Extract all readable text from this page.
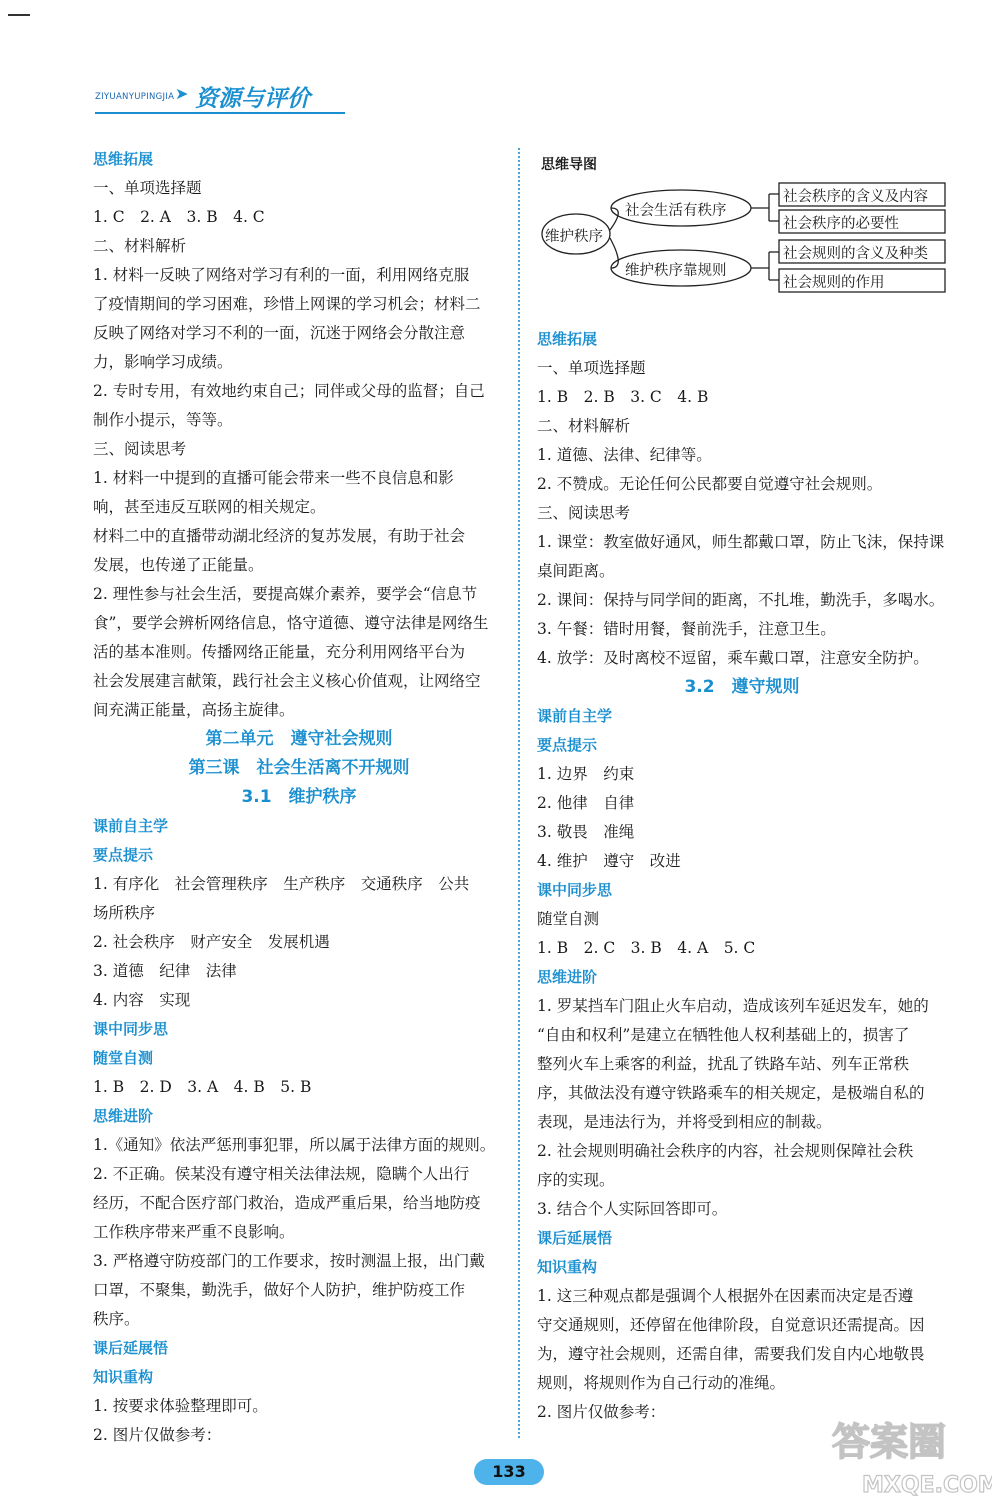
ZIYUANYUPINGJIA ➤ 资源与评价
思维拓展
一、单项选择题
1. C　2. A　3. B　4. C
二、材料解析
1. 材料一反映了网络对学习有利的一面，利用网络克服
了疫情期间的学习困难，珍惜上网课的学习机会；材料二
反映了网络对学习不利的一面，沉迷于网络会分散注意
力，影响学习成绩。
2. 专时专用，有效地约束自己；同伴或父母的监督；自己
制作小提示，等等。
三、阅读思考
1. 材料一中提到的直播可能会带来一些不良信息和影
响，甚至违反互联网的相关规定。
材料二中的直播带动湖北经济的复苏发展，有助于社会
发展，也传递了正能量。
2. 理性参与社会生活，要提高媒介素养，要学会“信息节
食”，要学会辨析网络信息，恪守道德、遵守法律是网络生
活的基本准则。传播网络正能量，充分利用网络平台为
社会发展建言献策，践行社会主义核心价值观，让网络空
间充满正能量，高扬主旋律。
第二单元　遵守社会规则
第三课　社会生活离不开规则
3.1　维护秩序
课前自主学
要点提示
1. 有序化　社会管理秩序　生产秩序　交通秩序　公共
场所秩序
2. 社会秩序　财产安全　发展机遇
3. 道德　纪律　法律
4. 内容　实现
课中同步思
随堂自测
1. B　2. D　3. A　4. B　5. B
思维进阶
1.《通知》依法严惩刑事犯罪，所以属于法律方面的规则。
2. 不正确。侯某没有遵守相关法律法规，隐瞒个人出行
经历，不配合医疗部门救治，造成严重后果，给当地防疫
工作秩序带来严重不良影响。
3. 严格遵守防疫部门的工作要求，按时测温上报，出门戴
口罩，不聚集，勤洗手，做好个人防护，维护防疫工作
秩序。
课后延展悟
知识重构
1. 按要求体验整理即可。
2. 图片仅做参考：
思维导图
维护秩序
社会生活有秩序
维护秩序靠规则
社会秩序的含义及内容
社会秩序的必要性
社会规则的含义及种类
社会规则的作用
思维拓展
一、单项选择题
1. B　2. B　3. C　4. B
二、材料解析
1. 道德、法律、纪律等。
2. 不赞成。无论任何公民都要自觉遵守社会规则。
三、阅读思考
1. 课堂：教室做好通风，师生都戴口罩，防止飞沫，保持课
桌间距离。
2. 课间：保持与同学间的距离，不扎堆，勤洗手，多喝水。
3. 午餐：错时用餐，餐前洗手，注意卫生。
4. 放学：及时离校不逗留，乘车戴口罩，注意安全防护。
3.2　遵守规则
课前自主学
要点提示
1. 边界　约束
2. 他律　自律
3. 敬畏　准绳
4. 维护　遵守　改进
课中同步思
随堂自测
1. B　2. C　3. B　4. A　5. C
思维进阶
1. 罗某挡车门阻止火车启动，造成该列车延迟发车，她的
“自由和权利”是建立在牺牲他人权利基础上的，损害了
整列火车上乘客的利益，扰乱了铁路车站、列车正常秩
序，其做法没有遵守铁路乘车的相关规定，是极端自私的
表现，是违法行为，并将受到相应的制裁。
2. 社会规则明确社会秩序的内容，社会规则保障社会秩
序的实现。
3. 结合个人实际回答即可。
课后延展悟
知识重构
1. 这三种观点都是强调个人根据外在因素而决定是否遵
守交通规则，还停留在他律阶段，自觉意识还需提高。因
为，遵守社会规则，还需自律，需要我们发自内心地敬畏
规则，将规则作为自己行动的准绳。
2. 图片仅做参考：
133
答案圈
MXQE.COM
